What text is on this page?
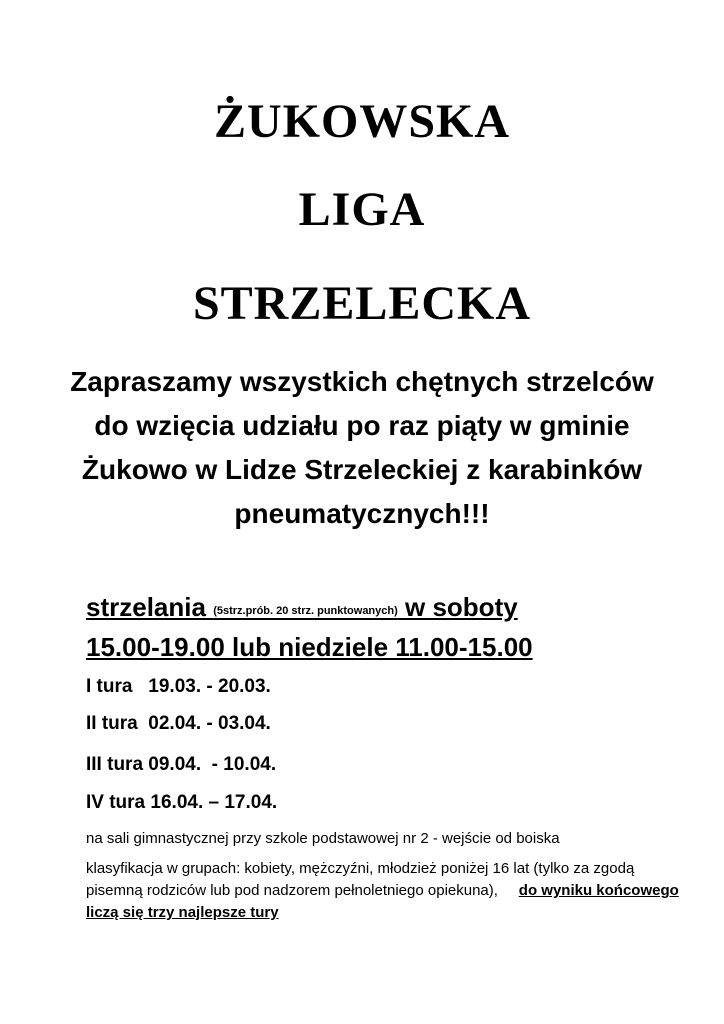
ŻUKOWSKA
LIGA
STRZELECKA
Zapraszamy wszystkich chętnych strzelców do wzięcia udziału po raz piąty w gminie Żukowo w Lidze Strzeleckiej z karabinków pneumatycznych!!!
strzelania (5strz.prób. 20 strz. punktowanych) w soboty
15.00-19.00 lub niedziele 11.00-15.00
I tura   19.03. - 20.03.
II tura  02.04. - 03.04.
III tura 09.04.  - 10.04.
IV tura 16.04. – 17.04.
na sali gimnastycznej przy szkole podstawowej nr 2 - wejście od boiska
klasyfikacja w grupach: kobiety, mężczyźni, młodzież poniżej 16 lat (tylko za zgodą pisemną rodziców lub pod nadzorem pełnoletniego opiekuna), do wyniku końcowego liczą się trzy najlepsze tury
